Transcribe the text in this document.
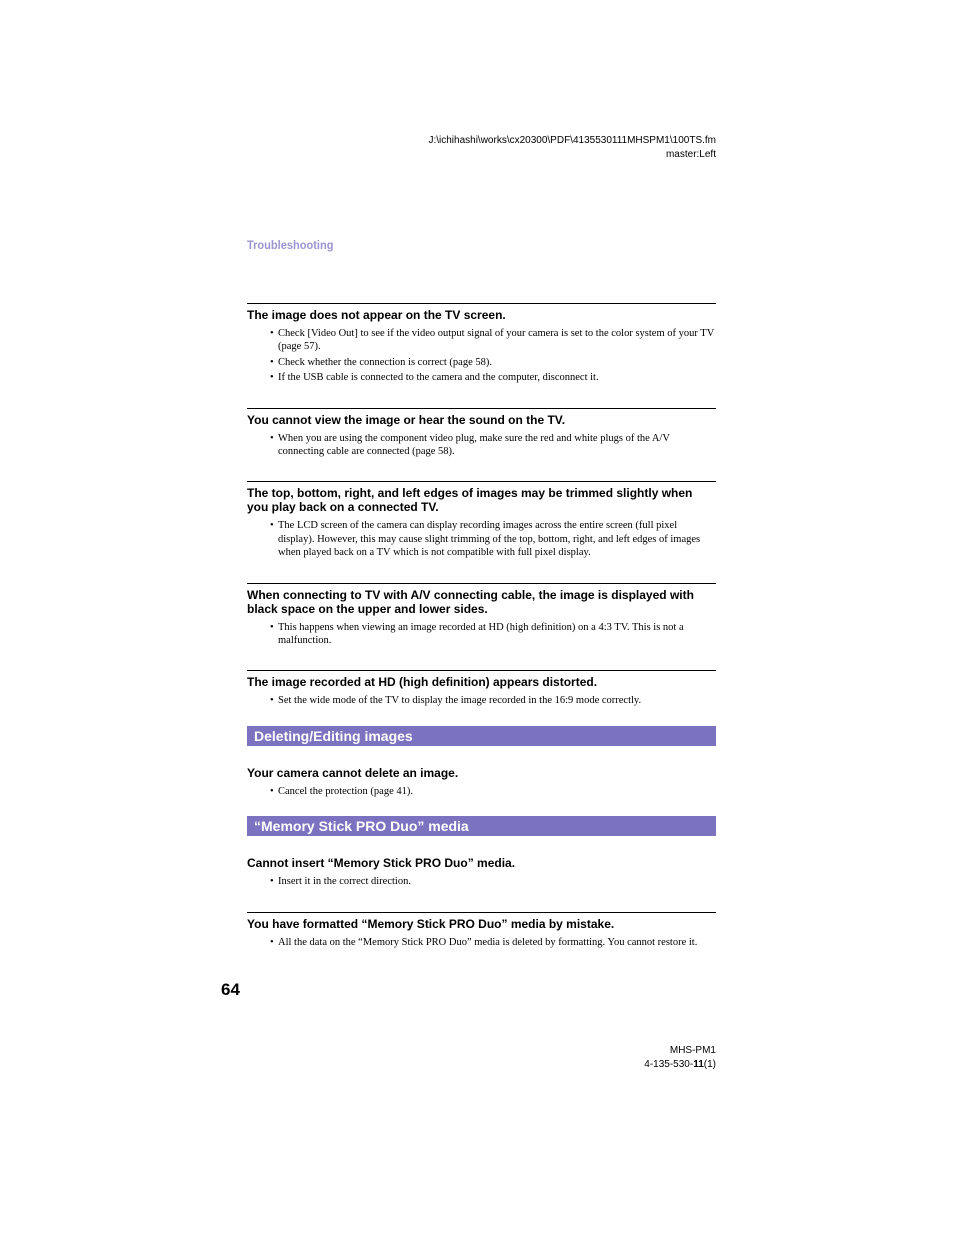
J:\ichihashi\works\cx20300\PDF\4135530111MHSPM1\100TS.fm
master:Left
Troubleshooting
The image does not appear on the TV screen.
• Check [Video Out] to see if the video output signal of your camera is set to the color system of your TV (page 57).
• Check whether the connection is correct (page 58).
• If the USB cable is connected to the camera and the computer, disconnect it.
You cannot view the image or hear the sound on the TV.
• When you are using the component video plug, make sure the red and white plugs of the A/V connecting cable are connected (page 58).
The top, bottom, right, and left edges of images may be trimmed slightly when you play back on a connected TV.
• The LCD screen of the camera can display recording images across the entire screen (full pixel display). However, this may cause slight trimming of the top, bottom, right, and left edges of images when played back on a TV which is not compatible with full pixel display.
When connecting to TV with A/V connecting cable, the image is displayed with black space on the upper and lower sides.
• This happens when viewing an image recorded at HD (high definition) on a 4:3 TV. This is not a malfunction.
The image recorded at HD (high definition) appears distorted.
• Set the wide mode of the TV to display the image recorded in the 16:9 mode correctly.
Deleting/Editing images
Your camera cannot delete an image.
• Cancel the protection (page 41).
“Memory Stick PRO Duo” media
Cannot insert “Memory Stick PRO Duo” media.
• Insert it in the correct direction.
You have formatted “Memory Stick PRO Duo” media by mistake.
• All the data on the “Memory Stick PRO Duo” media is deleted by formatting. You cannot restore it.
64
MHS-PM1
4-135-530-11(1)
